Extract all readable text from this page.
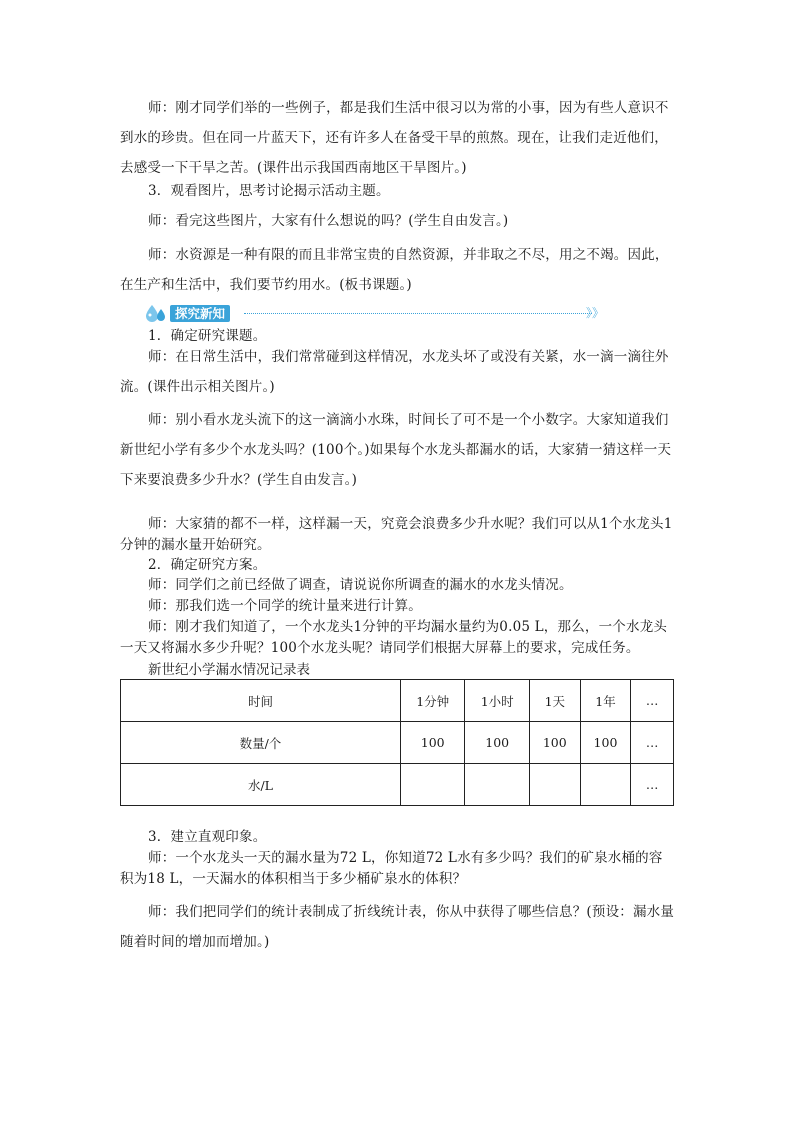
师：刚才同学们举的一些例子，都是我们生活中很习以为常的小事，因为有些人意识不到水的珍贵。但在同一片蓝天下，还有许多人在备受干旱的煎熬。现在，让我们走近他们，去感受一下干旱之苦。(课件出示我国西南地区干旱图片。)

3．观看图片，思考讨论揭示活动主题。

师：看完这些图片，大家有什么想说的吗？(学生自由发言。)

师：水资源是一种有限的而且非常宝贵的自然资源，并非取之不尽，用之不竭。因此，在生产和生活中，我们要节约用水。(板书课题。)

探究新知	》》

1．确定研究课题。

师：在日常生活中，我们常常碰到这样情况，水龙头坏了或没有关紧，水一滴一滴往外流。(课件出示相关图片。)

师：别小看水龙头流下的这一滴滴小水珠，时间长了可不是一个小数字。大家知道我们新世纪小学有多少个水龙头吗？(100个。)如果每个水龙头都漏水的话，大家猜一猜这样一天下来要浪费多少升水？(学生自由发言。)

师：大家猜的都不一样，这样漏一天，究竟会浪费多少升水呢？我们可以从1个水龙头1分钟的漏水量开始研究。

2．确定研究方案。

师：同学们之前已经做了调查，请说说你所调查的漏水的水龙头情况。

师：那我们选一个同学的统计量来进行计算。

师：刚才我们知道了，一个水龙头1分钟的平均漏水量约为0.05 L，那么，一个水龙头一天又将漏水多少升呢？100个水龙头呢？请同学们根据大屏幕上的要求，完成任务。

新世纪小学漏水情况记录表
时间	1分钟	1小时	1天	1年	…
数量/个	100	100	100	100	…
水/L					…

3．建立直观印象。

师：一个水龙头一天的漏水量为72 L，你知道72 L水有多少吗？我们的矿泉水桶的容积为18 L，一天漏水的体积相当于多少桶矿泉水的体积？

师：我们把同学们的统计表制成了折线统计表，你从中获得了哪些信息？(预设：漏水量随着时间的增加而增加。)
